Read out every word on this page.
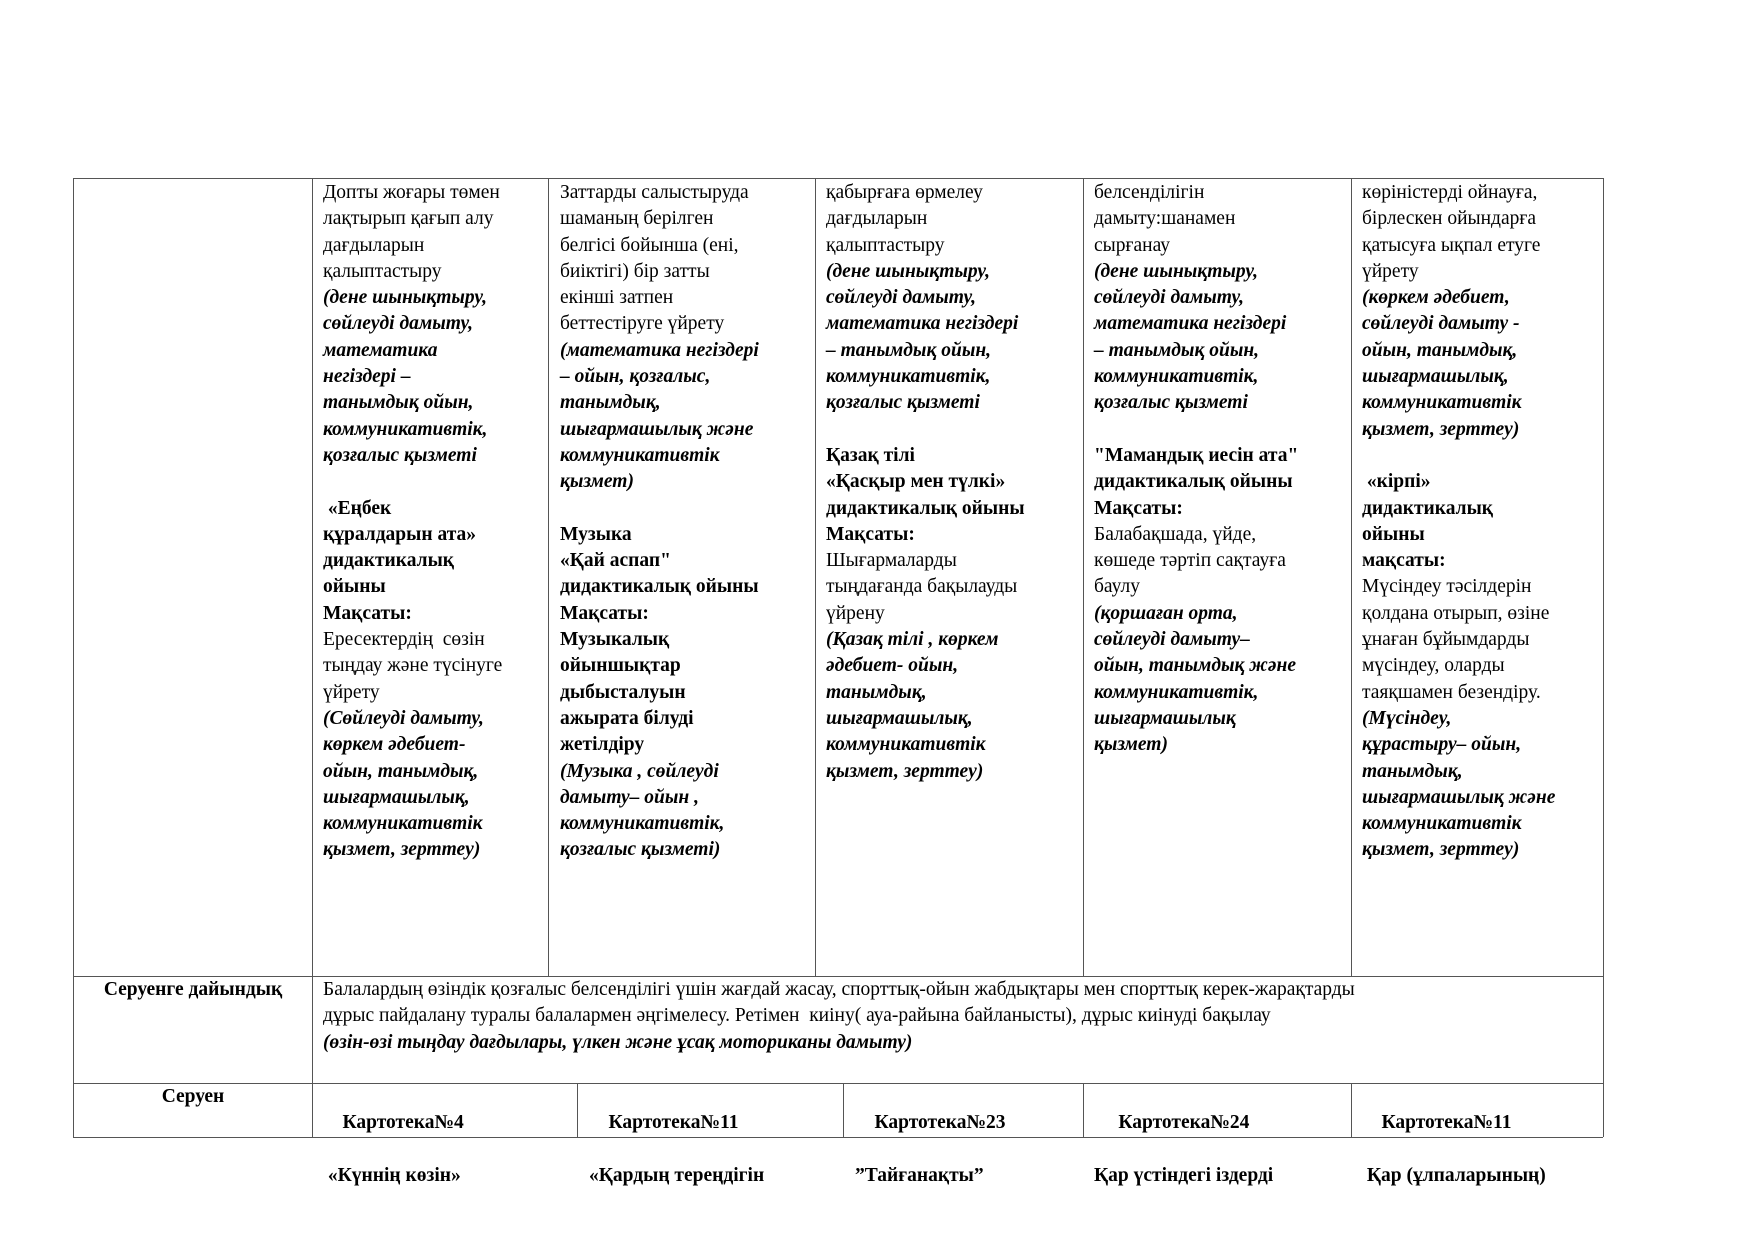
Допты жоғары төмен
лақтырып қағып алу
дағдыларын
қалыптастыру
(дене шынықтыру,
сөйлеуді дамыту,
математика
негіздері –
танымдық ойын,
коммуникативтік,
қозғалыс қызметі
«Еңбек
құралдарын ата»
дидактикалық
ойыны
Мақсаты:
Ересектердің  сөзін
тыңдау және түсінуге
үйрету
(Сөйлеуді дамыту,
көркем әдебиет-
ойын, танымдық,
шығармашылық,
коммуникативтік
қызмет, зерттеу)
Заттарды салыстыруда
шаманың берілген
белгісі бойынша (ені,
биіктігі) бір затты
екінші затпен
беттестіруге үйрету
(математика негіздері
– ойын, қозғалыс,
танымдық,
шығармашылық және
коммуникативтік
қызмет)
Музыка
«Қай аспап"
дидактикалық ойыны
Мақсаты:
Музыкалық
ойыншықтар
дыбысталуын
ажырата білуді
жетілдіру
(Музыка , сөйлеуді
дамыту– ойын ,
коммуникативтік,
қозғалыс қызметі)
қабырғаға өрмелеу
дағдыларын
қалыптастыру
(дене шынықтыру,
сөйлеуді дамыту,
математика негіздері
– танымдық ойын,
коммуникативтік,
қозғалыс қызметі
Қазақ тілі
«Қасқыр мен түлкі»
дидактикалық ойыны
Мақсаты:
Шығармаларды
тыңдағанда бақылауды
үйрену
(Қазақ тілі , көркем
әдебиет- ойын,
танымдық,
шығармашылық,
коммуникативтік
қызмет, зерттеу)
белсенділігін
дамыту:шанамен
сырғанау
(дене шынықтыру,
сөйлеуді дамыту,
математика негіздері
– танымдық ойын,
коммуникативтік,
қозғалыс қызметі
"Мамандық иесін ата"
дидактикалық ойыны
Мақсаты:
Балабақшада, үйде,
көшеде тәртіп сақтауға
баулу
(қоршаған орта,
сөйлеуді дамыту–
ойын, танымдық және
коммуникативтік,
шығармашылық
қызмет)
көріністерді ойнауға,
бірлескен ойындарға
қатысуға ықпал етуге
үйрету
(көркем әдебиет,
сөйлеуді дамыту -
ойын, танымдық,
шығармашылық,
коммуникативтік
қызмет, зерттеу)
«кірпі»
дидактикалық
ойыны
мақсаты:
Мүсіндеу тәсілдерін
қолдана отырып, өзіне
ұнаған бұйымдарды
мүсіндеу, оларды
таяқшамен безендіру.
(Мүсіндеу,
құрастыру– ойын,
танымдық,
шығармашылық және
коммуникативтік
қызмет, зерттеу)
Серуенге дайындық	Балалардың өзіндік қозғалыс белсенділігі үшін жағдай жасау, спорттық-ойын жабдықтары мен спорттық керек-жарақтарды
дұрыс пайдалану туралы балалармен әңгімелесу. Ретімен  киіну( ауа-райына байланысты), дұрыс киінуді бақылау
(өзін-өзі тыңдау дағдылары, үлкен және ұсақ моториканы дамыту)
Серуен

Картотека№4

«Күннің көзін»

Картотека№11

«Қардың тереңдігін

Картотека№23

”Тайғанақты”

Картотека№24

Қар үстіндегі іздерді

Картотека№11

Қар (ұлпаларының)
